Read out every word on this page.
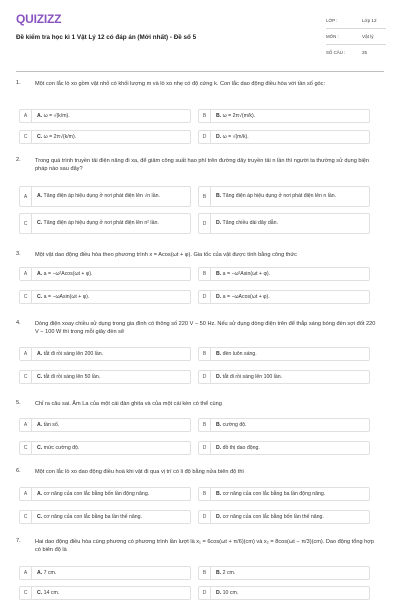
QUIZIZZ
Đề kiểm tra học kì 1 Vật Lý 12 có đáp án (Mới nhất) - Đề số 5
LỚP :	Lớp 12
MÔN :	Vật lý
SỐ CÂU :	25
1.	Một con lắc lò xo gồm vật nhỏ có khối lượng m và lò xo nhẹ có độ cứng k. Con lắc dao động điều hòa với tần số góc:
A	A. ω = √(k/m).	B	B. ω = 2π√(m/k).
C	C. ω = 2π√(k/m).	D	D. ω = √(m/k).
2.	Trong quá trình truyền tải điện năng đi xa, để giảm công suất hao phí trên đường dây truyền tải n lần thì người ta thường sử dụng biện pháp nào sau đây?
A	A. Tăng điện áp hiệu dụng ở nơi phát điện lên √n lần.	B	B. Tăng điện áp hiệu dụng ở nơi phát điện lên n lần.
C	C. Tăng điện áp hiệu dụng ở nơi phát điện lên n² lần.	D	D. Tăng chiều dài dây dẫn.
3.	Một vật dao động điều hòa theo phương trình x = Acos(ωt + φ). Gia tốc của vật được tính bằng công thức
A	A. a = −ω²Acos(ωt + φ).	B	B. a = −ω²Asin(ωt + φ).
C	C. a = −ωAsin(ωt + φ).	D	D. a = −ωAcos(ωt + φ).
4.	Dòng điện xoay chiều sử dụng trong gia đình có thông số 220 V − 50 Hz. Nếu sử dụng dòng điện trên để thắp sáng bóng đèn sợi đốt 220 V − 100 W thì trong mỗi giây đèn sẽ
A	A. tắt đi rồi sáng lên 200 lần.	B	B. đèn luôn sáng.
C	C. tắt đi rồi sáng lên 50 lần.	D	D. tắt đi rồi sáng lên 100 lần.
5.	Chỉ ra câu sai. Âm La của một cái đàn ghita và của một cái kèn có thể cùng
A	A. tần số.	B	B. cường độ.
C	C. mức cường độ.	D	D. đồ thị dao động.
6.	Một con lắc lò xo dao động điều hoà khi vật đi qua vị trí có li độ bằng nửa biên độ thì
A	A. cơ năng của con lắc bằng bốn lần động năng.	B	B. cơ năng của con lắc bằng ba lần động năng.
C	C. cơ năng của con lắc bằng ba lần thế năng.	D	D. cơ năng của con lắc bằng bốn lần thế năng.
7.	Hai dao động điều hòa cùng phương có phương trình lần lượt là x₁ = 6cos(ωt + π/6)(cm) và x₂ = 8cos(ωt − π/3)(cm). Dao động tổng hợp có biên độ là
A	A. 7 cm.	B	B. 2 cm.
C	C. 14 cm.	D	D. 10 cm.
